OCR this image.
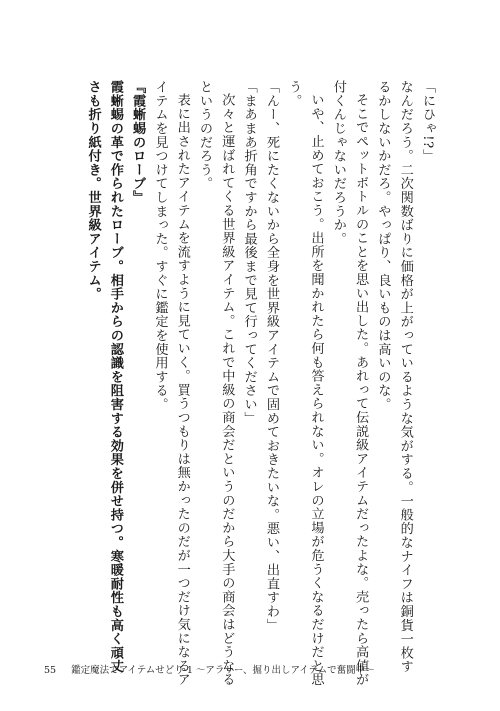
「にひゃ!?」

なんだろう。二次関数ばりに価格が上がっているような気がする。一般的なナイフは銅貨一枚す

るかしないかだろ。やっぱり、良いものは高いのな。

そこでペットボトルのことを思い出した。あれって伝説級アイテムだったよな。売ったら高値が

付くんじゃないだろうか。

いや、止めておこう。出所を聞かれたら何も答えられない。オレの立場が危うくなるだけだと思

う。

「んー、死にたくないから全身を世界級アイテムで固めておきたいな。悪い、出直すわ」

「まあまあ折角ですから最後まで見て行ってください」

次々と運ばれてくる世界級アイテム。これで中級の商会だというのだから大手の商会はどうなる

というのだろう。

表に出されたアイテムを流すように見ていく。買うつもりは無かったのだが一つだけ気になるア

イテムを見つけてしまった。すぐに鑑定を使用する。

『霞蜥蜴のローブ』

霞蜥蜴の革で作られたローブ。相手からの認識を阻害する効果を併せ持つ。寒暖耐性も高く頑丈

さも折り紙付き。世界級アイテム。

55 鑑定魔法でアイテムせどり 1 〜アラサー、掘り出しアイテムで奮闘中〜
